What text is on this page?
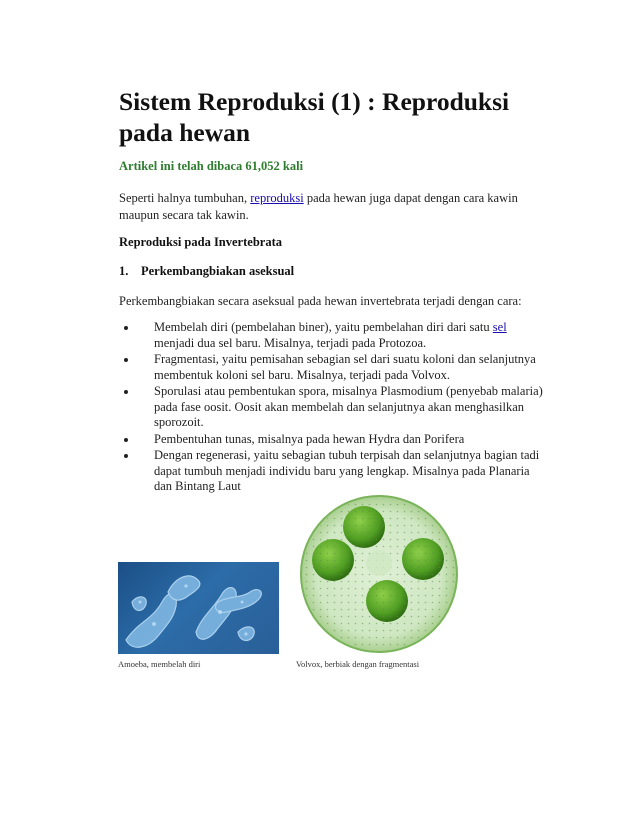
Sistem Reproduksi (1) : Reproduksi pada hewan
Artikel ini telah dibaca 61,052 kali

Seperti halnya tumbuhan, reproduksi pada hewan juga dapat dengan cara kawin maupun secara tak kawin.

Reproduksi pada Invertebrata
1. Perkembangbiakan aseksual

Perkembangbiakan secara aseksual pada hewan invertebrata terjadi dengan cara:

Membelah diri (pembelahan biner), yaitu pembelahan diri dari satu sel menjadi dua sel baru. Misalnya, terjadi pada Protozoa.
Fragmentasi, yaitu pemisahan sebagian sel dari suatu koloni dan selanjutnya membentuk koloni sel baru. Misalnya, terjadi pada Volvox.
Sporulasi atau pembentukan spora, misalnya Plasmodium (penyebab malaria) pada fase oosit. Oosit akan membelah dan selanjutnya akan menghasilkan sporozoit.
Pembentuhan tunas, misalnya pada hewan Hydra dan Porifera
Dengan regenerasi, yaitu sebagian tubuh terpisah dan selanjutnya bagian tadi dapat tumbuh menjadi individu baru yang lengkap. Misalnya pada Planaria dan Bintang Laut
Amoeba, membelah diri	Volvox, berbiak dengan fragmentasi
